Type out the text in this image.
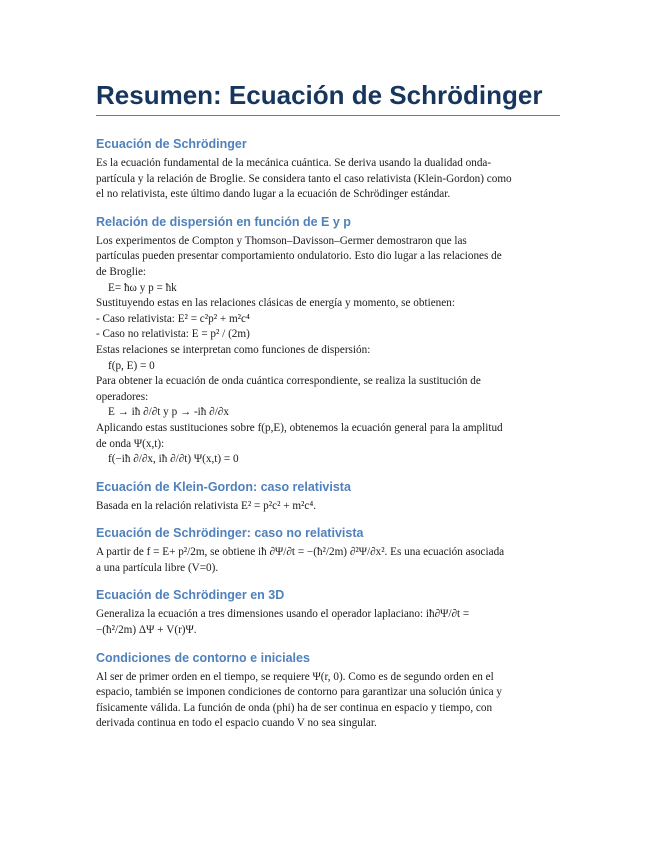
Resumen: Ecuación de Schrödinger
Ecuación de Schrödinger

Es la ecuación fundamental de la mecánica cuántica. Se deriva usando la dualidad onda-

partícula y la relación de Broglie. Se considera tanto el caso relativista (Klein-Gordon) como

el no relativista, este último dando lugar a la ecuación de Schrödinger estándar.

Relación de dispersión en función de E y p

Los experimentos de Compton y Thomson–Davisson–Germer demostraron que las

partículas pueden presentar comportamiento ondulatorio. Esto dio lugar a las relaciones de

de Broglie:

E= ħω y p = ħk

Sustituyendo estas en las relaciones clásicas de energía y momento, se obtienen:

- Caso relativista: E² = c²p² + m²c⁴

- Caso no relativista: E = p² / (2m)

Estas relaciones se interpretan como funciones de dispersión:

f(p, E) = 0

Para obtener la ecuación de onda cuántica correspondiente, se realiza la sustitución de

operadores:

E → iħ ∂/∂t y p → -iħ ∂/∂x

Aplicando estas sustituciones sobre f(p,E), obtenemos la ecuación general para la amplitud

de onda Ψ(x,t):

f(−iħ ∂/∂x, iħ ∂/∂t) Ψ(x,t) = 0

Ecuación de Klein-Gordon: caso relativista

Basada en la relación relativista E² = p²c² + m²c⁴.

Ecuación de Schrödinger: caso no relativista

A partir de f = E+ p²/2m, se obtiene iħ ∂Ψ/∂t = −(ħ²/2m) ∂²Ψ/∂x². Es una ecuación asociada

a una partícula libre (V=0).

Ecuación de Schrödinger en 3D

Generaliza la ecuación a tres dimensiones usando el operador laplaciano: iħ∂Ψ/∂t =

−(ħ²/2m) ΔΨ + V(r)Ψ.

Condiciones de contorno e iniciales

Al ser de primer orden en el tiempo, se requiere Ψ(r, 0). Como es de segundo orden en el

espacio, también se imponen condiciones de contorno para garantizar una solución única y

físicamente válida. La función de onda (phi) ha de ser continua en espacio y tiempo, con

derivada continua en todo el espacio cuando V no sea singular.
